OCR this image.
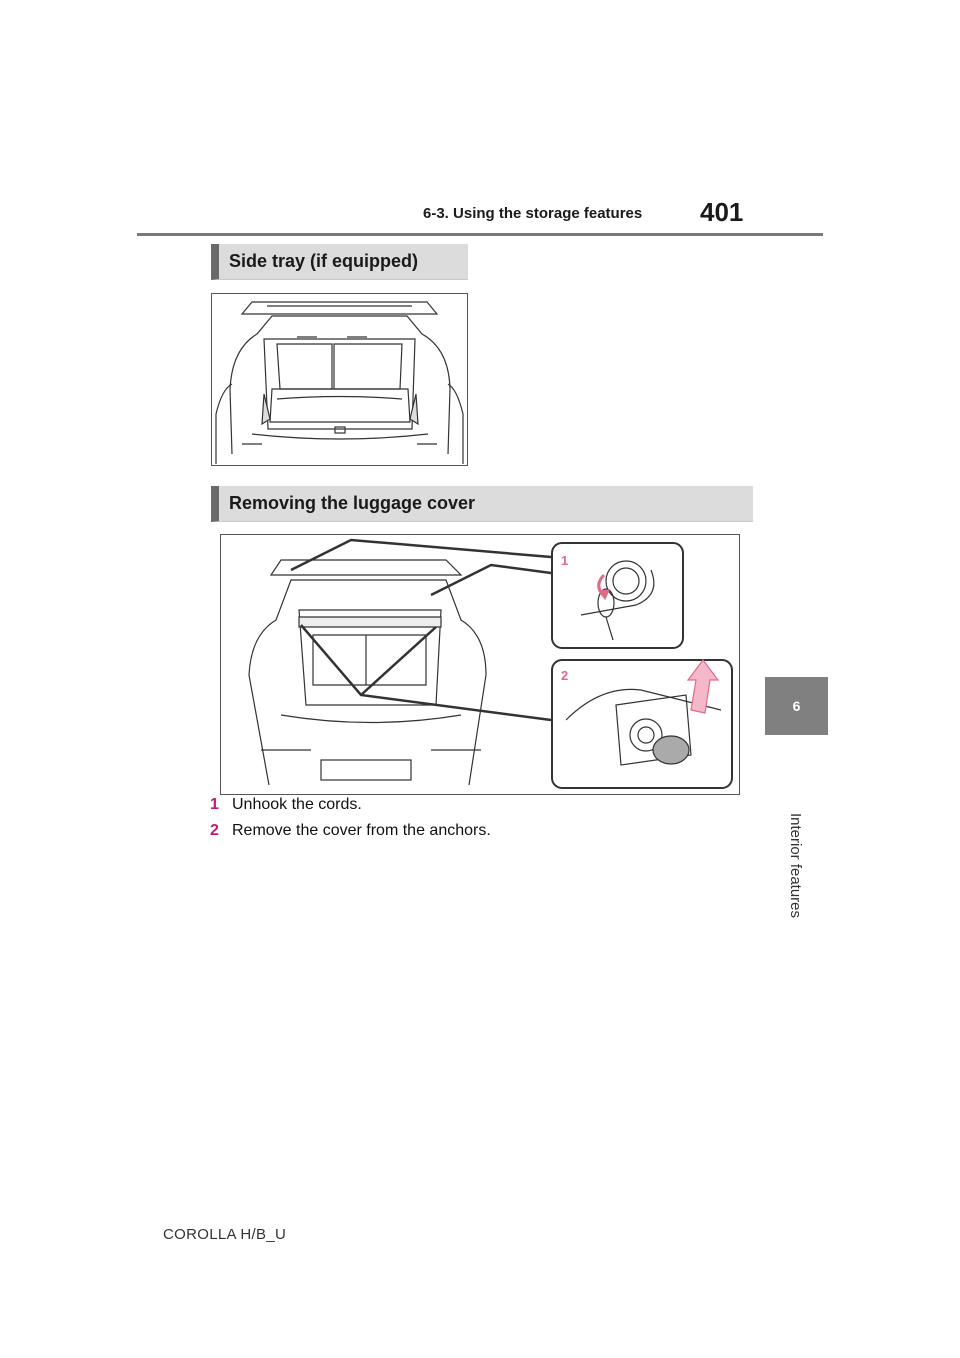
6-3. Using the storage features 401
6
Interior features
Side tray (if equipped)
Removing the luggage cover
1
2
1 Unhook the cords.
2 Remove the cover from the anchors.
COROLLA H/B_U
